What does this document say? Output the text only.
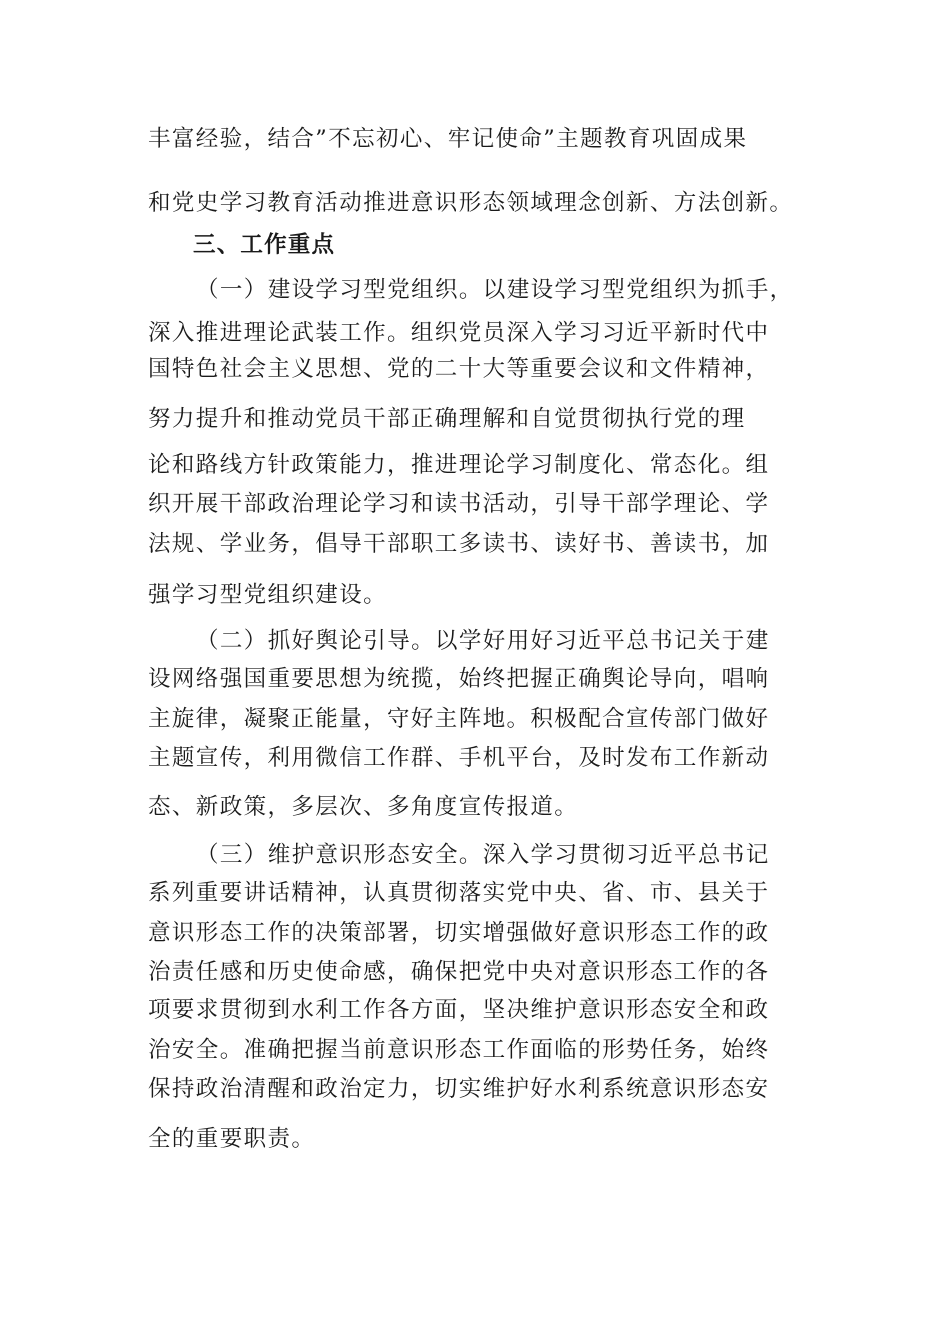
丰富经验，结合”不忘初心、牢记使命”主题教育巩固成果
和党史学习教育活动推进意识形态领域理念创新、方法创新。
三、工作重点
（一）建设学习型党组织。以建设学习型党组织为抓手，
深入推进理论武装工作。组织党员深入学习习近平新时代中
国特色社会主义思想、党的二十大等重要会议和文件精神，
努力提升和推动党员干部正确理解和自觉贯彻执行党的理
论和路线方针政策能力，推进理论学习制度化、常态化。组
织开展干部政治理论学习和读书活动，引导干部学理论、学
法规、学业务，倡导干部职工多读书、读好书、善读书，加
强学习型党组织建设。
（二）抓好舆论引导。以学好用好习近平总书记关于建
设网络强国重要思想为统揽，始终把握正确舆论导向，唱响
主旋律，凝聚正能量，守好主阵地。积极配合宣传部门做好
主题宣传，利用微信工作群、手机平台，及时发布工作新动
态、新政策，多层次、多角度宣传报道。
（三）维护意识形态安全。深入学习贯彻习近平总书记
系列重要讲话精神，认真贯彻落实党中央、省、市、县关于
意识形态工作的决策部署，切实增强做好意识形态工作的政
治责任感和历史使命感，确保把党中央对意识形态工作的各
项要求贯彻到水利工作各方面，坚决维护意识形态安全和政
治安全。准确把握当前意识形态工作面临的形势任务，始终
保持政治清醒和政治定力，切实维护好水利系统意识形态安
全的重要职责。
